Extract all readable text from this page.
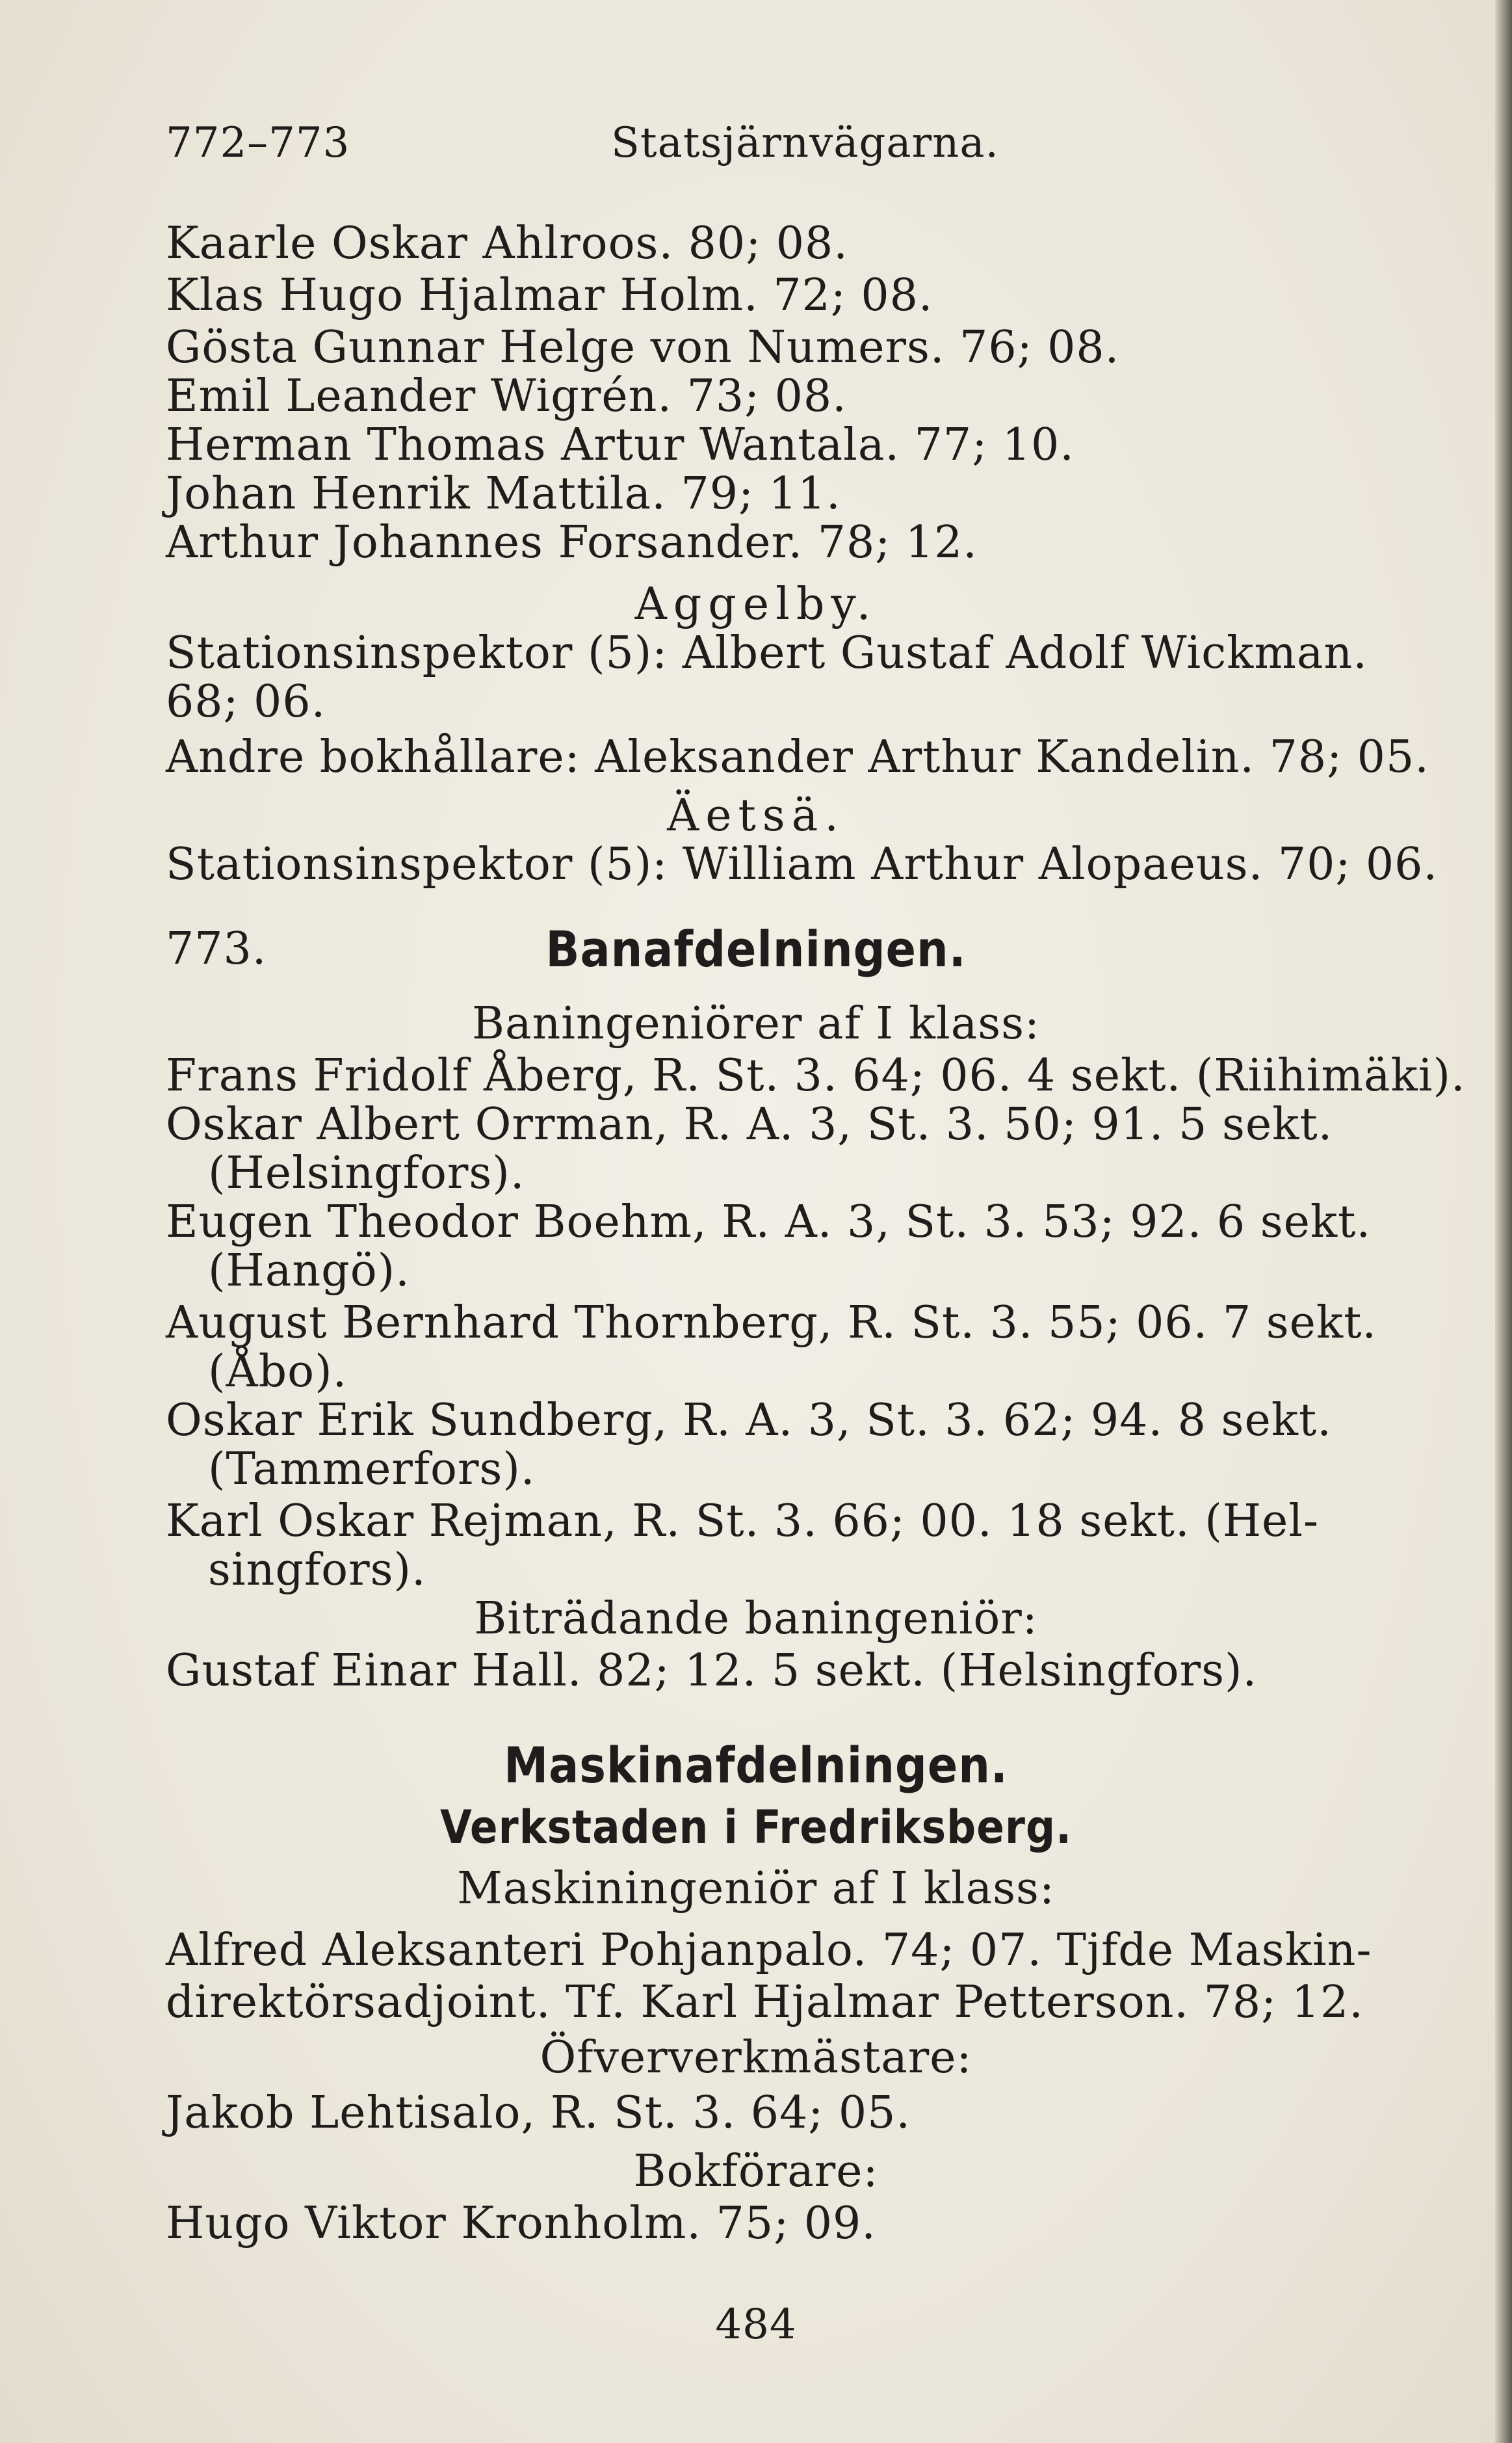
772–773	Statsjärnvägarna.
Kaarle Oskar Ahlroos. 80; 08.
Klas Hugo Hjalmar Holm. 72; 08.
Gösta Gunnar Helge von Numers. 76; 08.
Emil Leander Wigrén. 73; 08.
Herman Thomas Artur Wantala. 77; 10.
Johan Henrik Mattila. 79; 11.
Arthur Johannes Forsander. 78; 12.
Aggelby.
Stationsinspektor (5): Albert Gustaf Adolf Wickman.
68; 06.
Andre bokhållare: Aleksander Arthur Kandelin. 78; 05.
Äetsä.
Stationsinspektor (5): William Arthur Alopaeus. 70; 06.
773.	Banafdelningen.
Baningeniörer af I klass:
Frans Fridolf Åberg, R. St. 3. 64; 06. 4 sekt. (Riihimäki).
Oskar Albert Orrman, R. A. 3, St. 3. 50; 91. 5 sekt.
(Helsingfors).
Eugen Theodor Boehm, R. A. 3, St. 3. 53; 92. 6 sekt.
(Hangö).
August Bernhard Thornberg, R. St. 3. 55; 06. 7 sekt.
(Åbo).
Oskar Erik Sundberg, R. A. 3, St. 3. 62; 94. 8 sekt.
(Tammerfors).
Karl Oskar Rejman, R. St. 3. 66; 00. 18 sekt. (Hel-
singfors).
Biträdande baningeniör:
Gustaf Einar Hall. 82; 12. 5 sekt. (Helsingfors).
Maskinafdelningen.
Verkstaden i Fredriksberg.
Maskiningeniör af I klass:
Alfred Aleksanteri Pohjanpalo. 74; 07. Tjfde Maskin-
direktörsadjoint. Tf. Karl Hjalmar Petterson. 78; 12.
Öfververkmästare:
Jakob Lehtisalo, R. St. 3. 64; 05.
Bokförare:
Hugo Viktor Kronholm. 75; 09.
484
